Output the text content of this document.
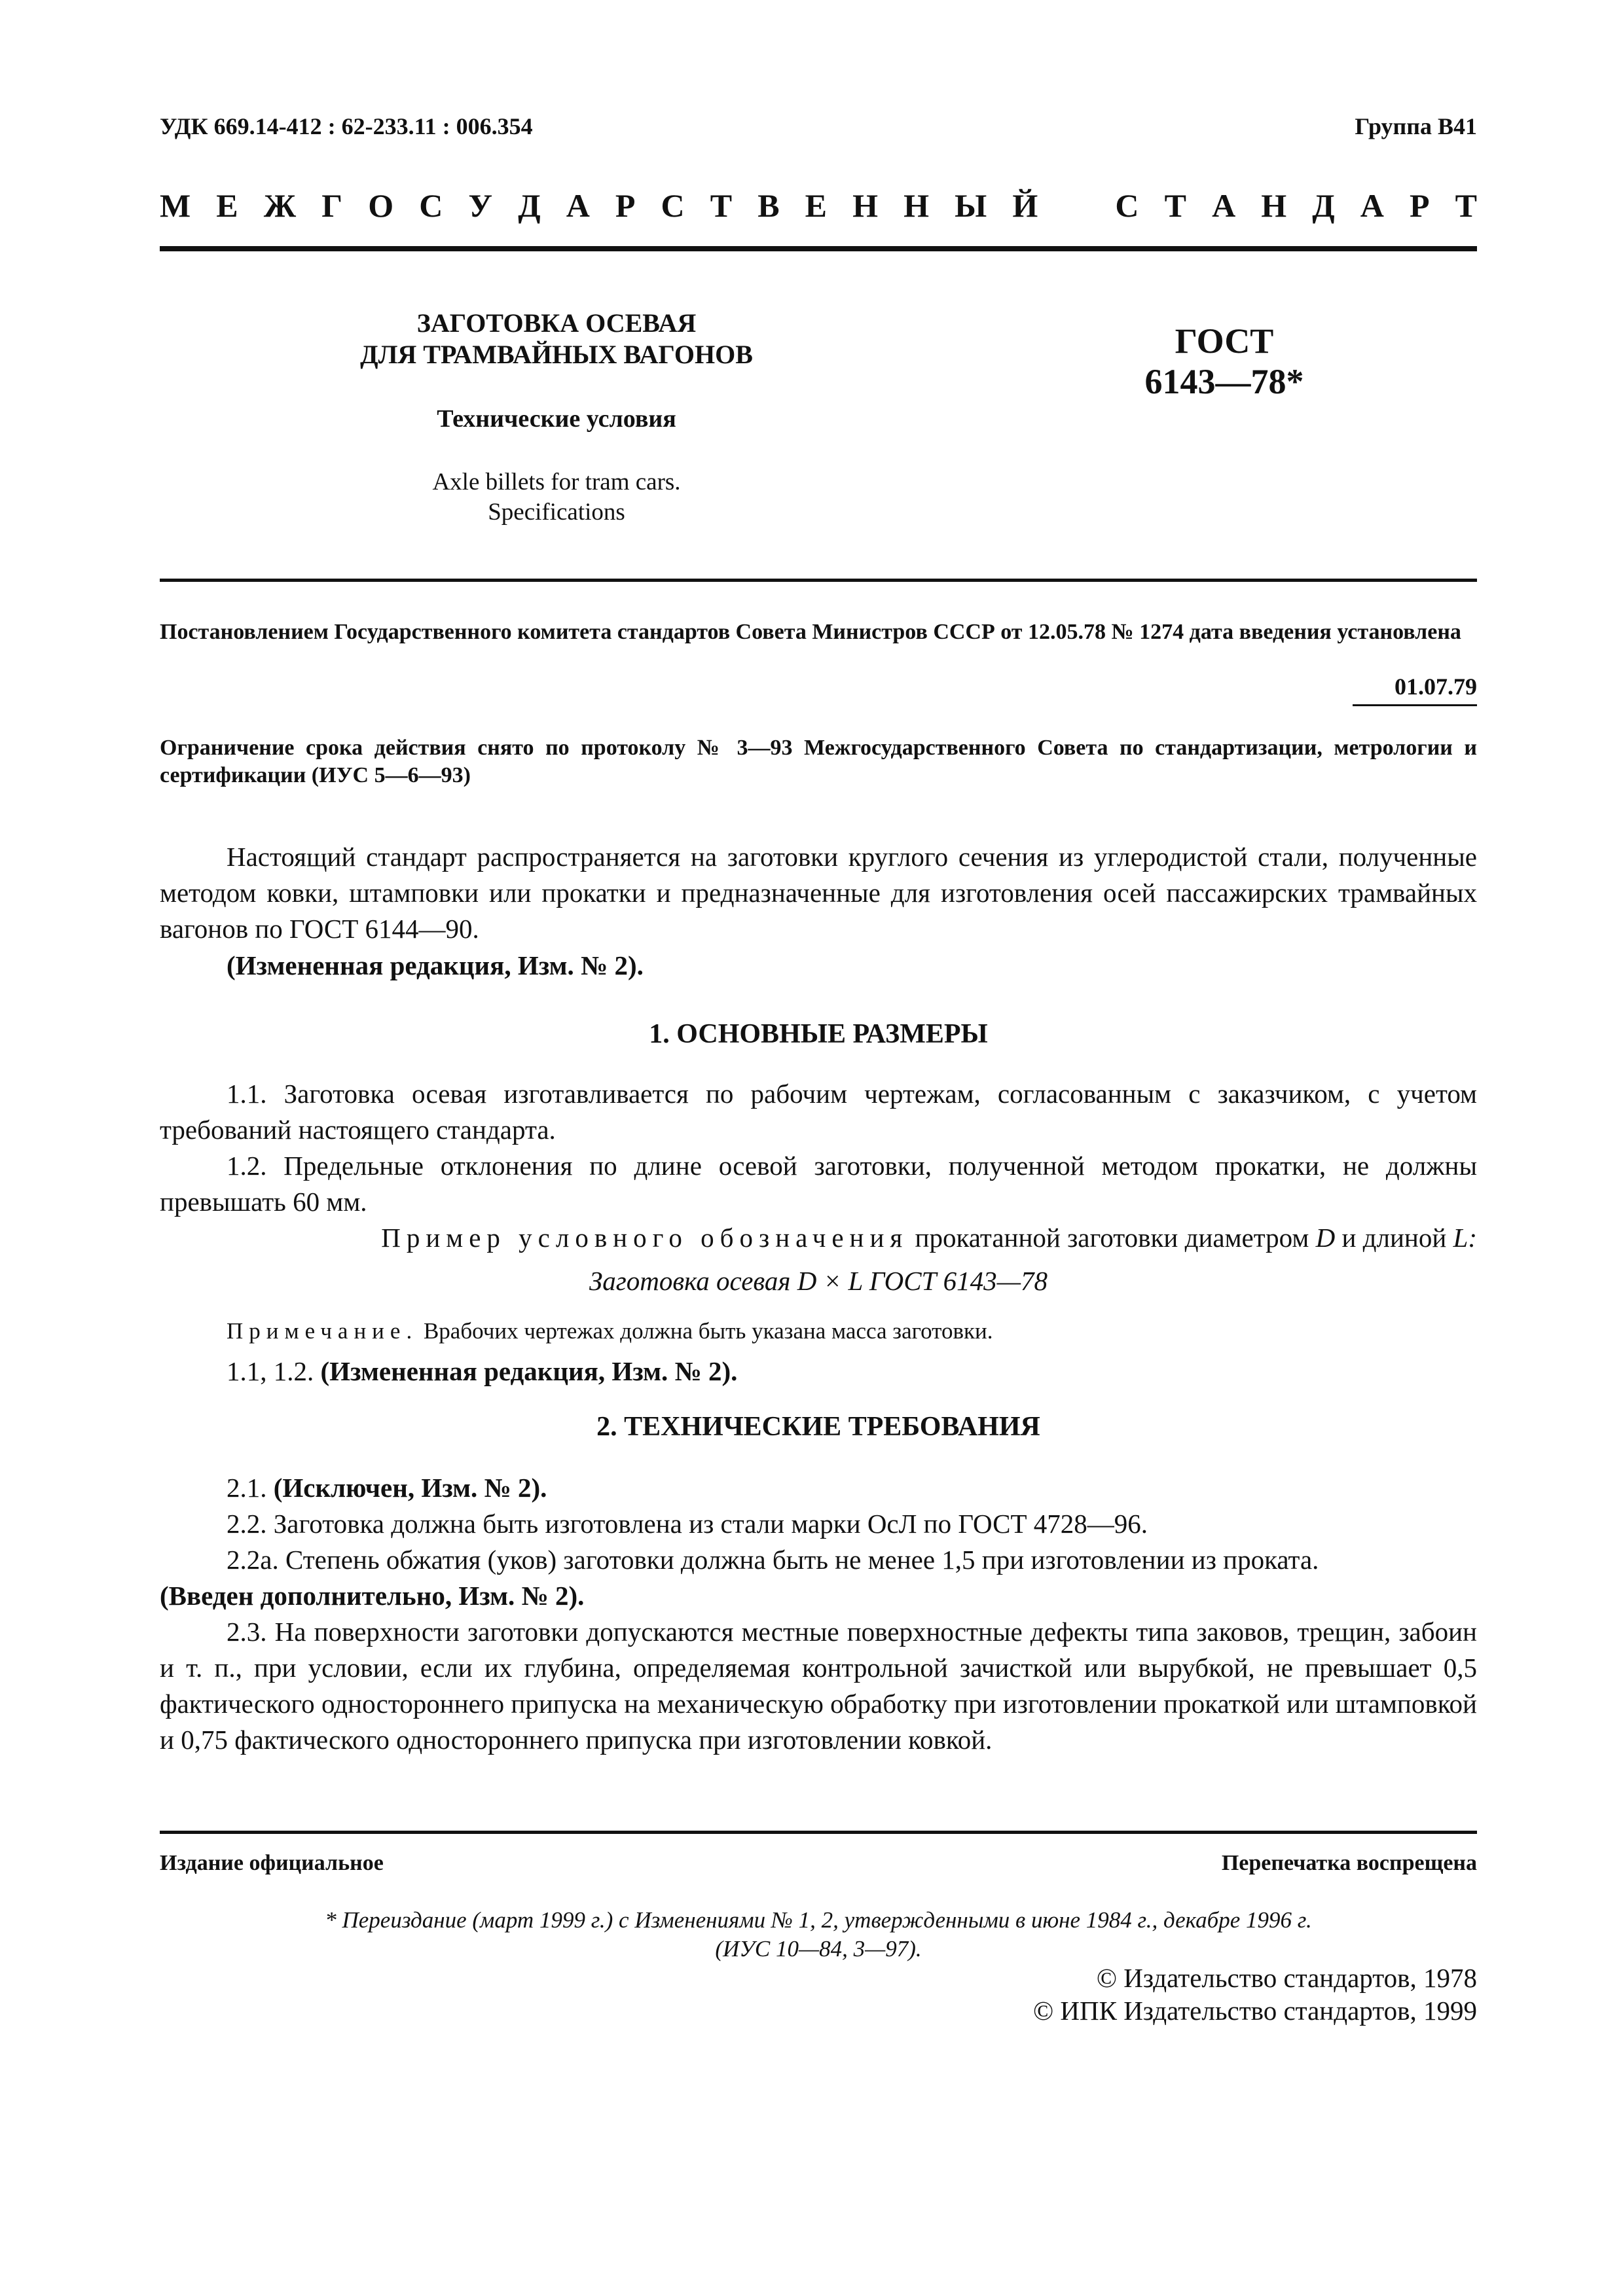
УДК 669.14-412 : 62-233.11 : 006.354	Группа В41
М Е Ж Г О С У Д А Р С Т В Е Н Н Ы Й С Т А Н Д А Р Т
ЗАГОТОВКА ОСЕВАЯ
ДЛЯ ТРАМВАЙНЫХ ВАГОНОВ
Технические условия
Axle billets for tram cars.
Specifications
ГОСТ
6143—78*
Постановлением Государственного комитета стандартов Совета Министров СССР от 12.05.78 № 1274 дата введения установлена
01.07.79
Ограничение срока действия снято по протоколу № 3—93 Межгосударственного Совета по стандартизации, метрологии и сертификации (ИУС 5—6—93)
Настоящий стандарт распространяется на заготовки круглого сечения из углеродистой стали, полученные методом ковки, штамповки или прокатки и предназначенные для изготовления осей пассажирских трамвайных вагонов по ГОСТ 6144—90.
(Измененная редакция, Изм. № 2).
1. ОСНОВНЫЕ РАЗМЕРЫ
1.1. Заготовка осевая изготавливается по рабочим чертежам, согласованным с заказчиком, с учетом требований настоящего стандарта.
1.2. Предельные отклонения по длине осевой заготовки, полученной методом прокатки, не должны превышать 60 мм.
Пример условного обозначения прокатанной заготовки диаметром D и длиной L:
Заготовка осевая D × L ГОСТ 6143—78
Примечание. Врабочих чертежах должна быть указана масса заготовки.
1.1, 1.2. (Измененная редакция, Изм. № 2).
2. ТЕХНИЧЕСКИЕ ТРЕБОВАНИЯ
2.1. (Исключен, Изм. № 2).
2.2. Заготовка должна быть изготовлена из стали марки ОсЛ по ГОСТ 4728—96.
2.2а. Степень обжатия (уков) заготовки должна быть не менее 1,5 при изготовлении из проката.
(Введен дополнительно, Изм. № 2).
2.3. На поверхности заготовки допускаются местные поверхностные дефекты типа заковов, трещин, забоин и т. п., при условии, если их глубина, определяемая контрольной зачисткой или вырубкой, не превышает 0,5 фактического одностороннего припуска на механическую обработку при изготовлении прокаткой или штамповкой и 0,75 фактического одностороннего припуска при изготовлении ковкой.
Издание официальное	Перепечатка воспрещена
* Переиздание (март 1999 г.) с Изменениями № 1, 2, утвержденными в июне 1984 г., декабре 1996 г.
(ИУС 10—84, 3—97).
© Издательство стандартов, 1978
© ИПК Издательство стандартов, 1999
